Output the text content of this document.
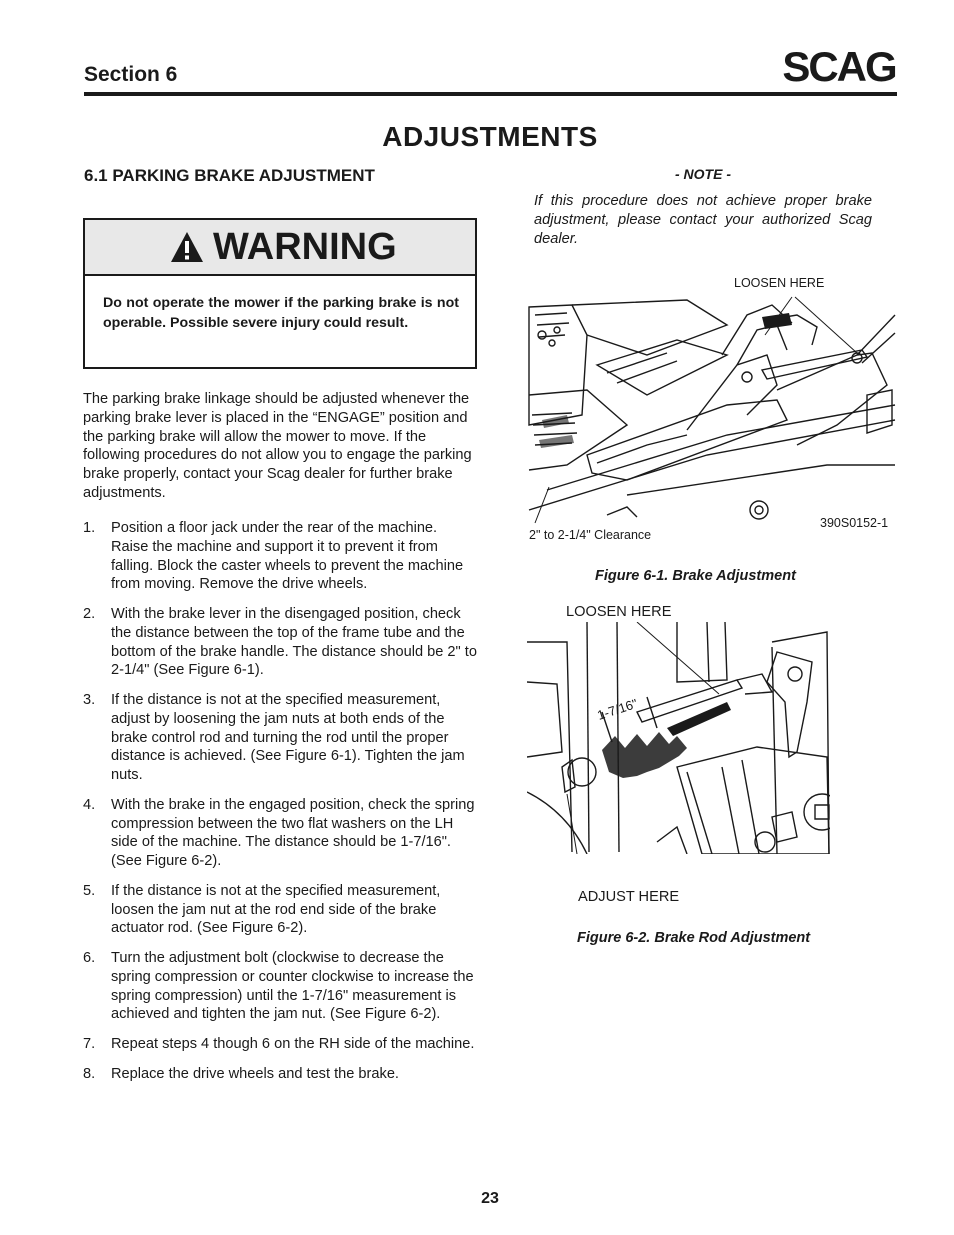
Section 6	SCAG
ADJUSTMENTS
6.1 PARKING BRAKE ADJUSTMENT
WARNING
Do not operate the mower if the parking brake is not operable. Possible severe injury could result.
The parking brake linkage should be adjusted whenever the parking brake lever is placed in the “ENGAGE” position and the parking brake will allow the mower to move. If the following procedures do not allow you to engage the parking brake properly, contact your Scag dealer for further brake adjustments.
1. Position a floor jack under the rear of the machine. Raise the machine and support it to prevent it from falling. Block the caster wheels to prevent the machine from moving. Remove the drive wheels.
2. With the brake lever in the disengaged position, check the distance between the top of the frame tube and the bottom of the brake handle. The distance should be 2" to 2-1/4" (See Figure 6-1).
3. If the distance is not at the specified measurement, adjust by loosening the jam nuts at both ends of the brake control rod and turning the rod until the proper distance is achieved. (See Figure 6-1). Tighten the jam nuts.
4. With the brake in the engaged position, check the spring compression between the two flat washers on the LH side of the machine. The distance should be 1-7/16". (See Figure 6-2).
5. If the distance is not at the specified measurement, loosen the jam nut at the rod end side of the brake actuator rod. (See Figure 6-2).
6. Turn the adjustment bolt (clockwise to decrease the spring compression or counter clockwise to increase the spring compression) until the 1-7/16" measurement is achieved and tighten the jam nut. (See Figure 6-2).
7. Repeat steps 4 though 6 on the RH side of the machine.
8. Replace the drive wheels and test the brake.
- NOTE -
If this procedure does not achieve proper brake adjustment, please contact your authorized Scag dealer.
LOOSEN HERE
2" to 2-1/4" Clearance
390S0152-1
Figure 6-1. Brake Adjustment
LOOSEN HERE
1-7/16"
ADJUST HERE
Figure 6-2. Brake Rod Adjustment
23
